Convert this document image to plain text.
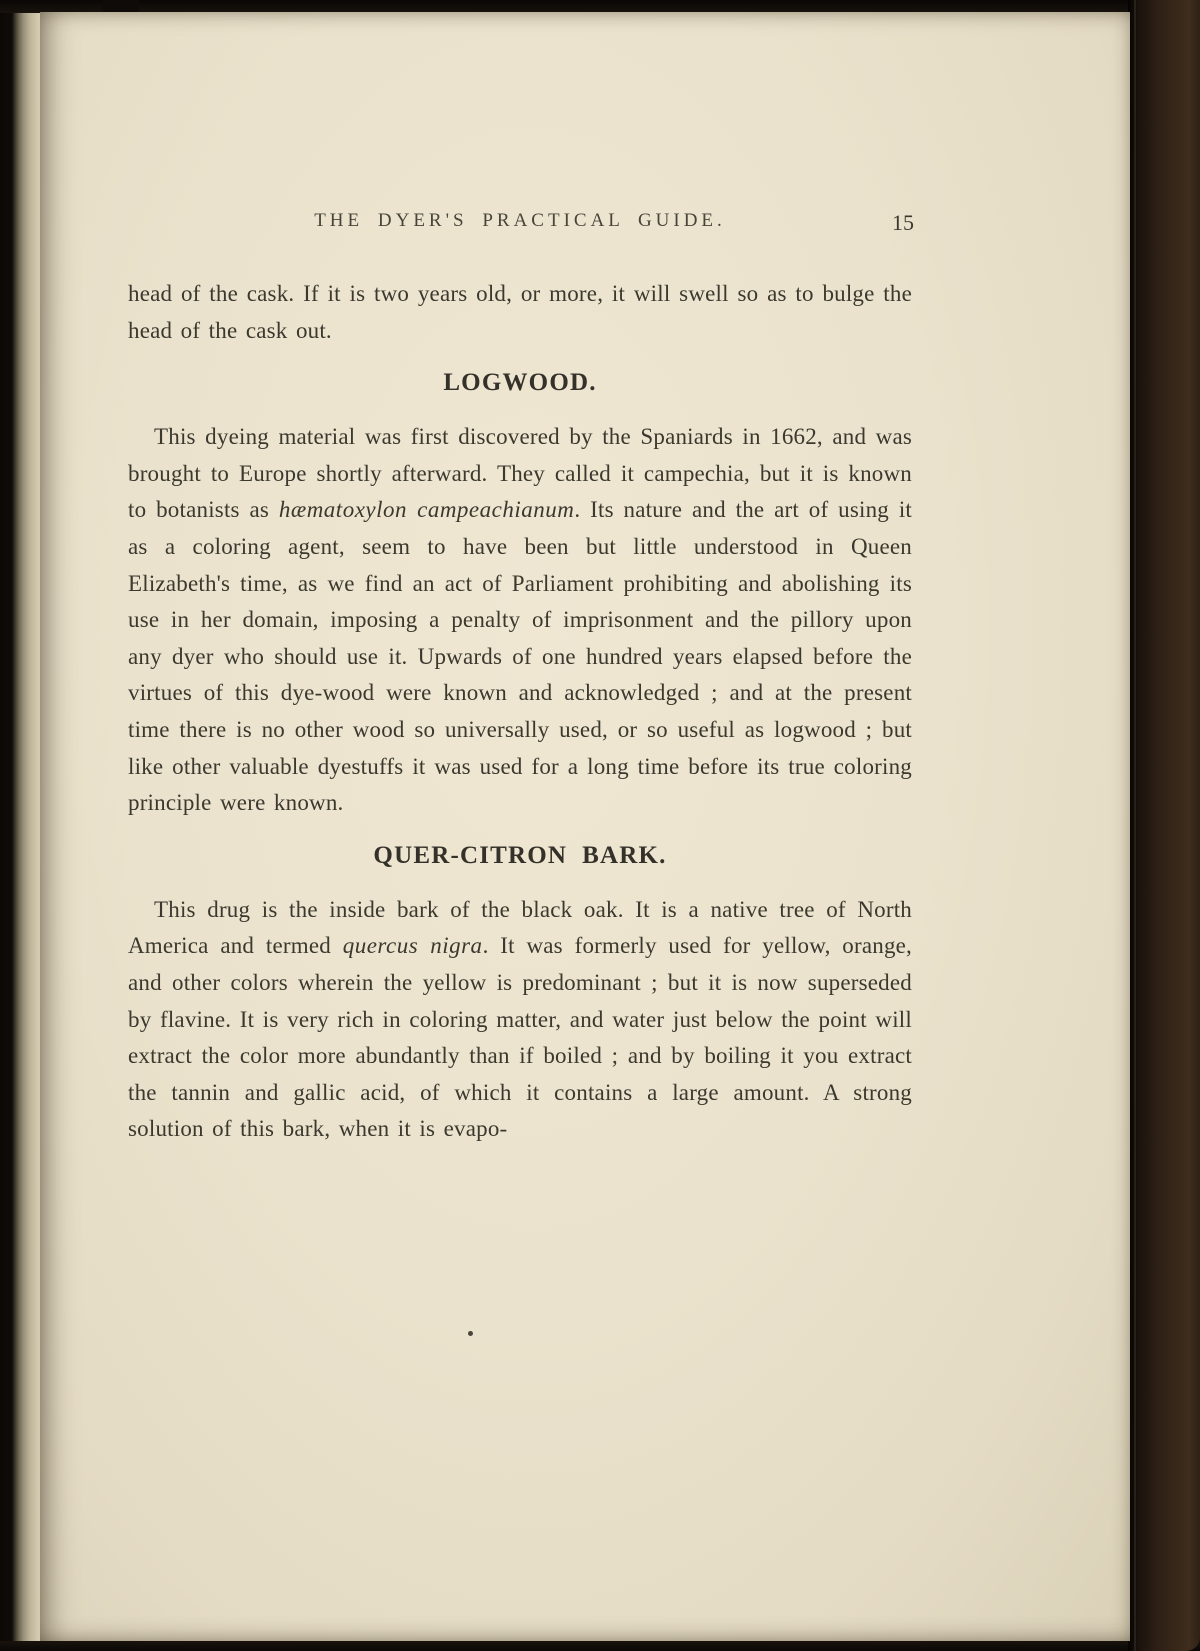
THE DYER'S PRACTICAL GUIDE.	15

head of the cask. If it is two years old, or more, it will swell so as to bulge the head of the cask out.

LOGWOOD.

This dyeing material was first discovered by the Spaniards in 1662, and was brought to Europe shortly afterward. They called it campechia, but it is known to botanists as hæmatoxylon campeachianum. Its nature and the art of using it as a coloring agent, seem to have been but little understood in Queen Elizabeth's time, as we find an act of Parliament prohibiting and abolishing its use in her domain, imposing a penalty of imprisonment and the pillory upon any dyer who should use it. Upwards of one hundred years elapsed before the virtues of this dye-wood were known and acknowledged ; and at the present time there is no other wood so universally used, or so useful as logwood ; but like other valuable dyestuffs it was used for a long time before its true coloring principle were known.

QUER-CITRON  BARK.

This drug is the inside bark of the black oak. It is a native tree of North America and termed quercus nigra. It was formerly used for yellow, orange, and other colors wherein the yellow is predominant ; but it is now superseded by flavine. It is very rich in coloring matter, and water just below the point will extract the color more abundantly than if boiled ; and by boiling it you extract the tannin and gallic acid, of which it contains a large amount. A strong solution of this bark, when it is evapo-
